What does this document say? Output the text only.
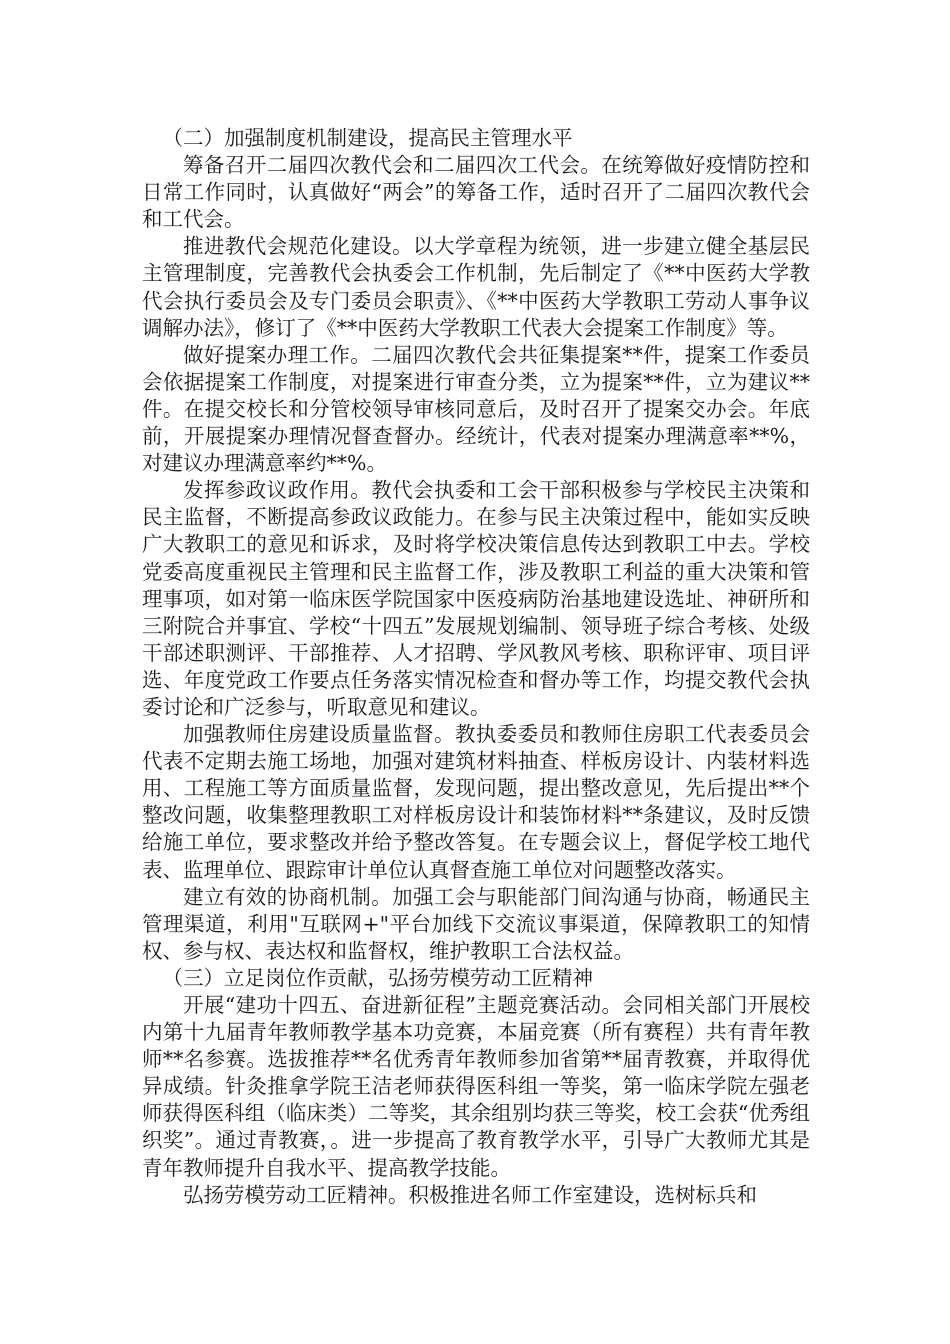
（二）加强制度机制建设，提高民主管理水平

筹备召开二届四次教代会和二届四次工代会。在统筹做好疫情防控和日常工作同时，认真做好“两会”的筹备工作，适时召开了二届四次教代会和工代会。

推进教代会规范化建设。以大学章程为统领，进一步建立健全基层民主管理制度，完善教代会执委会工作机制，先后制定了《**中医药大学教代会执行委员会及专门委员会职责》、《**中医药大学教职工劳动人事争议调解办法》，修订了《**中医药大学教职工代表大会提案工作制度》等。

做好提案办理工作。二届四次教代会共征集提案**件，提案工作委员会依据提案工作制度，对提案进行审查分类，立为提案**件，立为建议**件。在提交校长和分管校领导审核同意后，及时召开了提案交办会。年底前，开展提案办理情况督查督办。经统计，代表对提案办理满意率**%，对建议办理满意率约**%。

发挥参政议政作用。教代会执委和工会干部积极参与学校民主决策和民主监督，不断提高参政议政能力。在参与民主决策过程中，能如实反映广大教职工的意见和诉求，及时将学校决策信息传达到教职工中去。学校党委高度重视民主管理和民主监督工作，涉及教职工利益的重大决策和管理事项，如对第一临床医学院国家中医疫病防治基地建设选址、神研所和三附院合并事宜、学校“十四五”发展规划编制、领导班子综合考核、处级干部述职测评、干部推荐、人才招聘、学风教风考核、职称评审、项目评选、年度党政工作要点任务落实情况检查和督办等工作，均提交教代会执委讨论和广泛参与，听取意见和建议。

加强教师住房建设质量监督。教执委委员和教师住房职工代表委员会代表不定期去施工场地，加强对建筑材料抽查、样板房设计、内装材料选用、工程施工等方面质量监督，发现问题，提出整改意见，先后提出**个整改问题，收集整理教职工对样板房设计和装饰材料**条建议，及时反馈给施工单位，要求整改并给予整改答复。在专题会议上，督促学校工地代表、监理单位、跟踪审计单位认真督查施工单位对问题整改落实。

建立有效的协商机制。加强工会与职能部门间沟通与协商，畅通民主管理渠道，利用"互联网+"平台加线下交流议事渠道，保障教职工的知情权、参与权、表达权和监督权，维护教职工合法权益。

（三）立足岗位作贡献，弘扬劳模劳动工匠精神

开展“建功十四五、奋进新征程”主题竞赛活动。会同相关部门开展校内第十九届青年教师教学基本功竞赛，本届竞赛（所有赛程）共有青年教师**名参赛。选拔推荐**名优秀青年教师参加省第**届青教赛，并取得优异成绩。针灸推拿学院王洁老师获得医科组一等奖，第一临床学院左强老师获得医科组（临床类）二等奖，其余组别均获三等奖，校工会获“优秀组织奖”。通过青教赛，。进一步提高了教育教学水平，引导广大教师尤其是青年教师提升自我水平、提高教学技能。

弘扬劳模劳动工匠精神。积极推进名师工作室建设，选树标兵和
